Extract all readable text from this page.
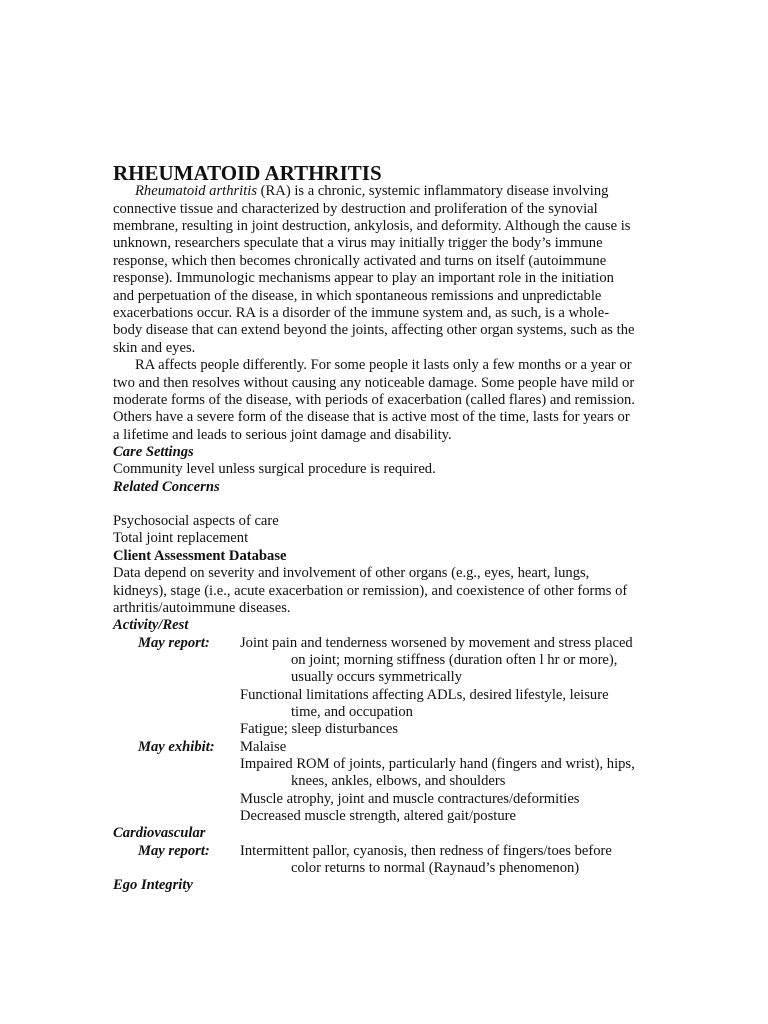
RHEUMATOID ARTHRITIS
Rheumatoid arthritis (RA) is a chronic, systemic inflammatory disease involving
connective tissue and characterized by destruction and proliferation of the synovial
membrane, resulting in joint destruction, ankylosis, and deformity. Although the cause is
unknown, researchers speculate that a virus may initially trigger the body’s immune
response, which then becomes chronically activated and turns on itself (autoimmune
response). Immunologic mechanisms appear to play an important role in the initiation
and perpetuation of the disease, in which spontaneous remissions and unpredictable
exacerbations occur. RA is a disorder of the immune system and, as such, is a whole-
body disease that can extend beyond the joints, affecting other organ systems, such as the
skin and eyes.
RA affects people differently. For some people it lasts only a few months or a year or
two and then resolves without causing any noticeable damage. Some people have mild or
moderate forms of the disease, with periods of exacerbation (called flares) and remission.
Others have a severe form of the disease that is active most of the time, lasts for years or
a lifetime and leads to serious joint damage and disability.
Care Settings
Community level unless surgical procedure is required.
Related Concerns
Psychosocial aspects of care
Total joint replacement
Client Assessment Database
Data depend on severity and involvement of other organs (e.g., eyes, heart, lungs,
kidneys), stage (i.e., acute exacerbation or remission), and coexistence of other forms of
arthritis/autoimmune diseases.
Activity/Rest
May report: Joint pain and tenderness worsened by movement and stress placed
on joint; morning stiffness (duration often l hr or more),
usually occurs symmetrically
Functional limitations affecting ADLs, desired lifestyle, leisure
time, and occupation
Fatigue; sleep disturbances
May exhibit: Malaise
Impaired ROM of joints, particularly hand (fingers and wrist), hips,
knees, ankles, elbows, and shoulders
Muscle atrophy, joint and muscle contractures/deformities
Decreased muscle strength, altered gait/posture
Cardiovascular
May report: Intermittent pallor, cyanosis, then redness of fingers/toes before
color returns to normal (Raynaud’s phenomenon)
Ego Integrity
